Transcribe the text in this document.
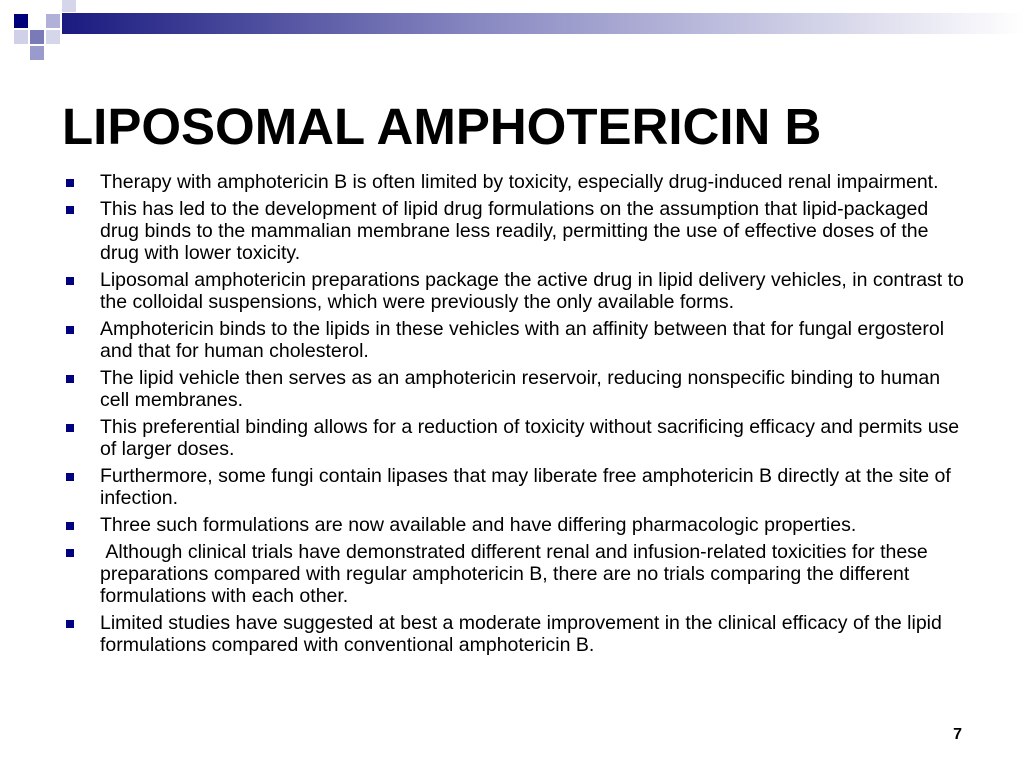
LIPOSOMAL AMPHOTERICIN B
Therapy with amphotericin B is often limited by toxicity, especially drug-induced renal impairment.
This has led to the development of lipid drug formulations on the assumption that lipid-packaged drug binds to the mammalian membrane less readily, permitting the use of effective doses of the drug with lower toxicity.
Liposomal amphotericin preparations package the active drug in lipid delivery vehicles, in contrast to the colloidal suspensions, which were previously the only available forms.
Amphotericin binds to the lipids in these vehicles with an affinity between that for fungal ergosterol and that for human cholesterol.
The lipid vehicle then serves as an amphotericin reservoir, reducing nonspecific binding to human cell membranes.
This preferential binding allows for a reduction of toxicity without sacrificing efficacy and permits use of larger doses.
Furthermore, some fungi contain lipases that may liberate free amphotericin B directly at the site of infection.
Three such formulations are now available and have differing pharmacologic properties.
Although clinical trials have demonstrated different renal and infusion-related toxicities for these preparations compared with regular amphotericin B, there are no trials comparing the different formulations with each other.
Limited studies have suggested at best a moderate improvement in the clinical efficacy of the lipid formulations compared with conventional amphotericin B.
7
